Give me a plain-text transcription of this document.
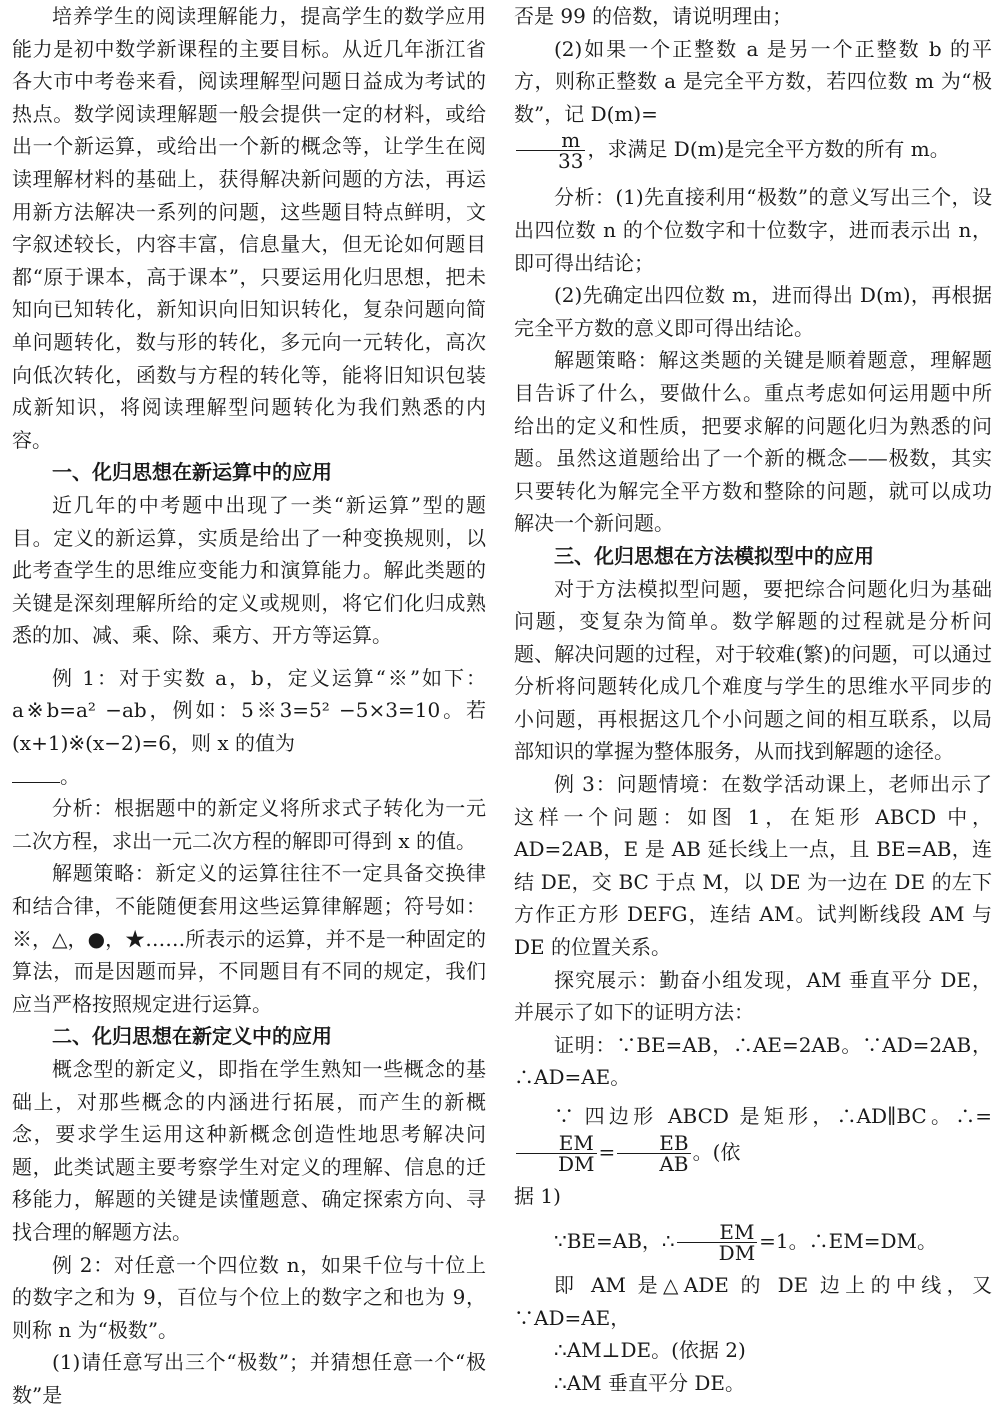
培养学生的阅读理解能力，提高学生的数学应用能力是初中数学新课程的主要目标。从近几年浙江省各大市中考卷来看，阅读理解型问题日益成为考试的热点。数学阅读理解题一般会提供一定的材料，或给出一个新运算，或给出一个新的概念等，让学生在阅读理解材料的基础上，获得解决新问题的方法，再运用新方法解决一系列的问题，这些题目特点鲜明，文字叙述较长，内容丰富，信息量大，但无论如何题目都“原于课本，高于课本”，只要运用化归思想，把未知向已知转化，新知识向旧知识转化，复杂问题向简单问题转化，数与形的转化，多元向一元转化，高次向低次转化，函数与方程的转化等，能将旧知识包装成新知识，将阅读理解型问题转化为我们熟悉的内容。

一、化归思想在新运算中的应用

近几年的中考题中出现了一类“新运算”型的题目。定义的新运算，实质是给出了一种变换规则，以此考查学生的思维应变能力和演算能力。解此类题的关键是深刻理解所给的定义或规则，将它们化归成熟悉的加、减、乘、除、乘方、开方等运算。

例 1：对于实数 a，b，定义运算“※”如下：a※b=a² −ab，例如：5※3=5² −5×3=10。若(x+1)※(x−2)=6，则 x 的值为
。

分析：根据题中的新定义将所求式子转化为一元二次方程，求出一元二次方程的解即可得到 x 的值。

解题策略：新定义的运算往往不一定具备交换律和结合律，不能随便套用这些运算律解题；符号如：※，△，●，★……所表示的运算，并不是一种固定的算法，而是因题而异，不同题目有不同的规定，我们应当严格按照规定进行运算。

二、化归思想在新定义中的应用

概念型的新定义，即指在学生熟知一些概念的基础上，对那些概念的内涵进行拓展，而产生的新概念，要求学生运用这种新概念创造性地思考解决问题，此类试题主要考察学生对定义的理解、信息的迁移能力，解题的关键是读懂题意、确定探索方向、寻找合理的解题方法。

例 2：对任意一个四位数 n，如果千位与十位上的数字之和为 9，百位与个位上的数字之和也为 9，则称 n 为“极数”。

(1)请任意写出三个“极数”；并猜想任意一个“极数”是

否是 99 的倍数，请说明理由；

(2)如果一个正整数 a 是另一个正整数 b 的平方，则称正整数 a 是完全平方数，若四位数 m 为“极数”，记 D(m)=

$\frac{m}{33}$ ，求满足 D(m)是完全平方数的所有 m。

分析：(1)先直接利用“极数”的意义写出三个，设出四位数 n 的个位数字和十位数字，进而表示出 n，即可得出结论；

(2)先确定出四位数 m，进而得出 D(m)，再根据完全平方数的意义即可得出结论。

解题策略：解这类题的关键是顺着题意，理解题目告诉了什么，要做什么。重点考虑如何运用题中所给出的定义和性质，把要求解的问题化归为熟悉的问题。虽然这道题给出了一个新的概念——极数，其实只要转化为解完全平方数和整除的问题，就可以成功解决一个新问题。

三、化归思想在方法模拟型中的应用

对于方法模拟型问题，要把综合问题化归为基础问题，变复杂为简单。数学解题的过程就是分析问题、解决问题的过程，对于较难(繁)的问题，可以通过分析将问题转化成几个难度与学生的思维水平同步的小问题，再根据这几个小问题之间的相互联系，以局部知识的掌握为整体服务，从而找到解题的途径。

例 3：问题情境：在数学活动课上，老师出示了这样一个问题：如图 1，在矩形 ABCD 中，AD=2AB，E 是 AB 延长线上一点，且 BE=AB，连结 DE，交 BC 于点 M，以 DE 为一边在 DE 的左下方作正方形 DEFG，连结 AM。试判断线段 AM 与 DE 的位置关系。

探究展示：勤奋小组发现，AM 垂直平分 DE，并展示了如下的证明方法：

证明：∵BE=AB，∴AE=2AB。∵AD=2AB，∴AD=AE。

∵ 四边形 ABCD 是矩形，∴AD∥BC。∴=
$\frac{EM}{DM} = \frac{EB}{AB}$ 。(依

据 1)

∵BE=AB，∴ $\frac{EM}{DM} =1$。∴EM=DM。

即 AM 是△ADE 的 DE 边上的中线，又 ∵AD=AE，

∴AM⊥DE。(依据 2)

∴AM 垂直平分 DE。
